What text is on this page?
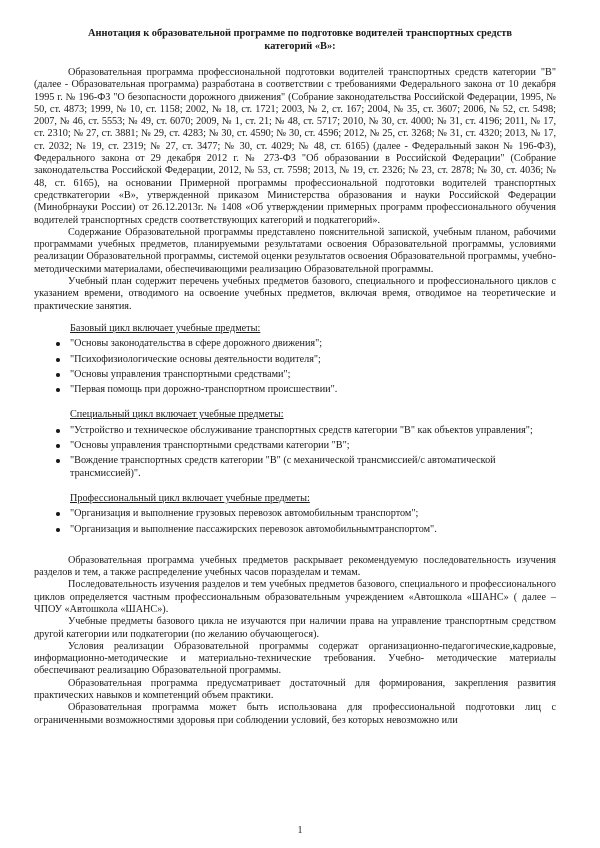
Аннотация к образовательной программе по подготовке водителей транспортных средств категорий «В»:

Образовательная программа профессиональной подготовки водителей транспортных средств категории "В" (далее - Образовательная программа) разработана в соответствии с требованиями Федерального закона от 10 декабря 1995 г. № 196-ФЗ "О безопасности дорожного движения" (Собрание законодательства Российской Федерации, 1995, № 50, ст. 4873; 1999, № 10, ст. 1158; 2002, № 18, ст. 1721; 2003, № 2, ст. 167; 2004, № 35, ст. 3607; 2006, № 52, ст. 5498; 2007, № 46, ст. 5553; № 49, ст. 6070; 2009, № 1, ст. 21; № 48, ст. 5717; 2010, № 30, ст. 4000; № 31, ст. 4196; 2011, № 17, ст. 2310; № 27, ст. 3881; № 29, ст. 4283; № 30, ст. 4590; № 30, ст. 4596; 2012, № 25, ст. 3268; № 31, ст. 4320; 2013, № 17, ст. 2032; № 19, ст. 2319; № 27, ст. 3477; № 30, ст. 4029; № 48, ст. 6165) (далее - Федеральный закон № 196-ФЗ), Федерального закона от 29 декабря 2012 г. № 273-ФЗ "Об образовании в Российской Федерации" (Собрание законодательства Российской Федерации, 2012, № 53, ст. 7598; 2013, № 19, ст. 2326; № 23, ст. 2878; № 30, ст. 4036; № 48, ст. 6165), на основании Примерной программы профессиональной подготовки водителей транспортных средствкатегории «В», утвержденной приказом Министерства образования и науки Российской Федерации (Минобрнауки России) от 26.12.2013г. № 1408 «Об утверждении примерных программ профессионального обучения водителей транспортных средств соответствующих категорий и подкатегорий».

Содержание Образовательной программы представлено пояснительной запиской, учебным планом, рабочими программами учебных предметов, планируемыми результатами освоения Образовательной программы, условиями реализации Образовательной программы, системой оценки результатов освоения Образовательной программы, учебно-методическими материалами, обеспечивающими реализацию Образовательной программы.

Учебный план содержит перечень учебных предметов базового, специального и профессионального циклов с указанием времени, отводимого на освоение учебных предметов, включая время, отводимое на теоретические и практические занятия.

Базовый цикл включает учебные предметы:
"Основы законодательства в сфере дорожного движения";
"Психофизиологические основы деятельности водителя";
"Основы управления транспортными средствами";
"Первая помощь при дорожно-транспортном происшествии".
Специальный цикл включает учебные предметы:
"Устройство и техническое обслуживание транспортных средств категории "В" как объектов управления";
"Основы управления транспортными средствами категории "В";
"Вождение транспортных средств категории "В" (с механической трансмиссией/с автоматической трансмиссией)".
Профессиональный цикл включает учебные предметы:
"Организация и выполнение грузовых перевозок автомобильным транспортом";
"Организация и выполнение пассажирских перевозок автомобильнымтранспортом".

Образовательная программа учебных предметов раскрывает рекомендуемую последовательность изучения разделов и тем, а также распределение учебных часов поразделам и темам.

Последовательность изучения разделов и тем учебных предметов базового, специального и профессионального циклов определяется частным профессиональным образовательным учреждением «Автошкола «ШАНС» ( далее – ЧПОУ «Автошкола «ШАНС»).

Учебные предметы базового цикла не изучаются при наличии права на управление транспортным средством другой категории или подкатегории (по желанию обучающегося).

Условия реализации Образовательной программы содержат организационно-педагогические,кадровые, информационно-методические и материально-технические требования. Учебно- методические материалы обеспечивают реализацию Образовательной программы.

Образовательная программа предусматривает достаточный для формирования, закрепления развития практических навыков и компетенций объем практики.

Образовательная программа может быть использована для профессиональной подготовки лиц с ограниченными возможностями здоровья при соблюдении условий, без которых невозможно или

1
